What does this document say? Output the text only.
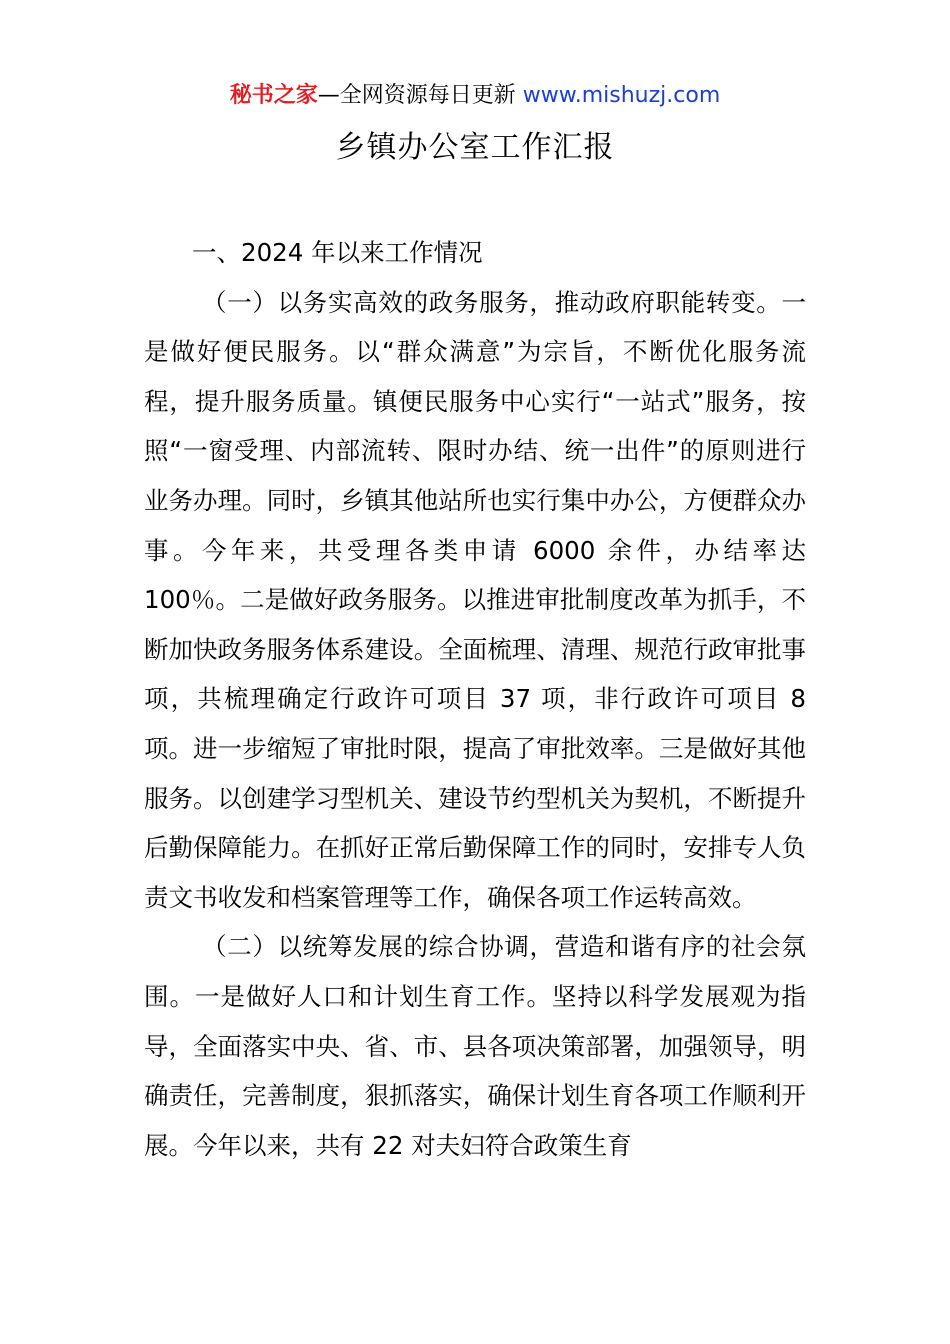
秘书之家—全网资源每日更新 www.mishuzj.com
乡镇办公室工作汇报

一、2024 年以来工作情况

（一）以务实高效的政务服务，推动政府职能转变。一是做好便民服务。以“群众满意”为宗旨，不断优化服务流程，提升服务质量。镇便民服务中心实行“一站式”服务，按照“一窗受理、内部流转、限时办结、统一出件”的原则进行业务办理。同时，乡镇其他站所也实行集中办公，方便群众办事。今年来，共受理各类申请 6000 余件，办结率达 100％。二是做好政务服务。以推进审批制度改革为抓手，不断加快政务服务体系建设。全面梳理、清理、规范行政审批事项，共梳理确定行政许可项目 37 项，非行政许可项目 8 项。进一步缩短了审批时限，提高了审批效率。三是做好其他服务。以创建学习型机关、建设节约型机关为契机，不断提升后勤保障能力。在抓好正常后勤保障工作的同时，安排专人负责文书收发和档案管理等工作，确保各项工作运转高效。

（二）以统筹发展的综合协调，营造和谐有序的社会氛围。一是做好人口和计划生育工作。坚持以科学发展观为指导，全面落实中央、省、市、县各项决策部署，加强领导，明确责任，完善制度，狠抓落实，确保计划生育各项工作顺利开展。今年以来，共有 22 对夫妇符合政策生育
